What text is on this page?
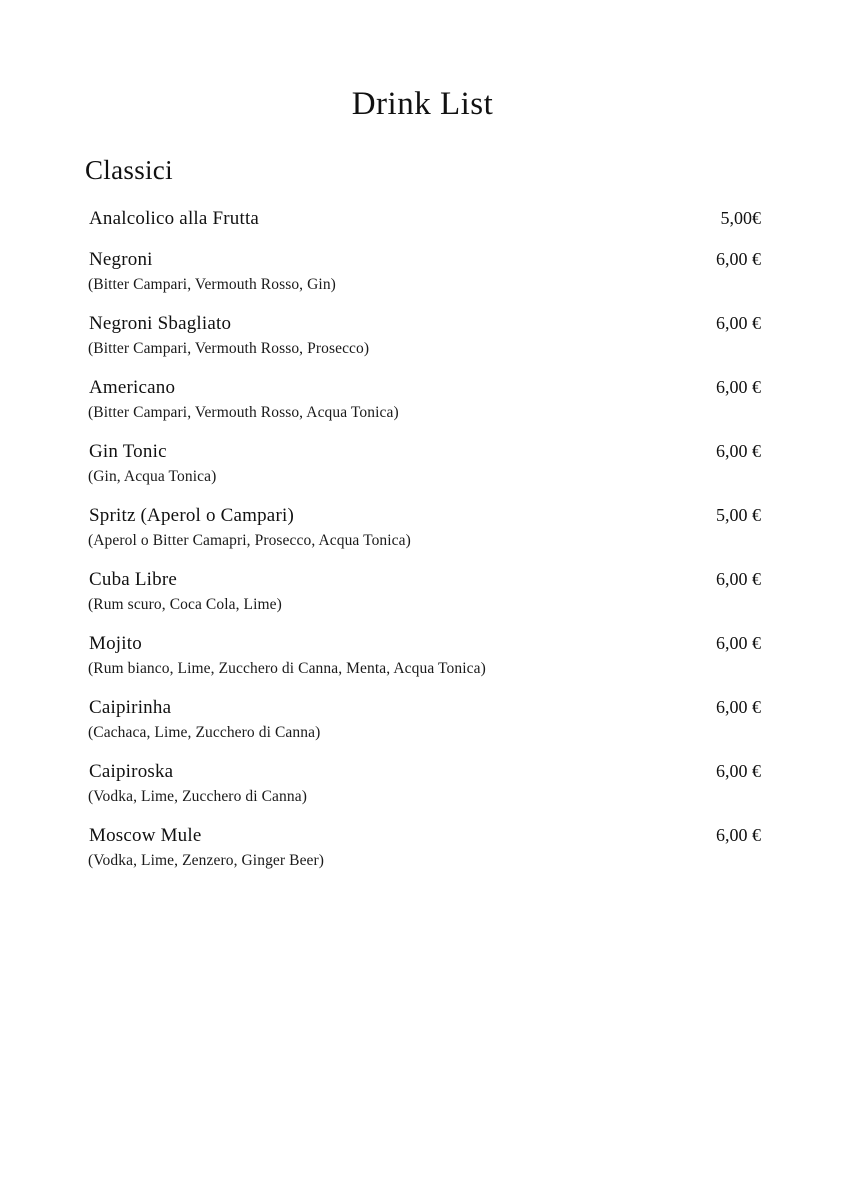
Drink List
Classici
Analcolico alla Frutta	5,00€
Negroni	6,00 €
(Bitter Campari, Vermouth Rosso, Gin)
Negroni Sbagliato	6,00 €
(Bitter Campari, Vermouth Rosso, Prosecco)
Americano	6,00 €
(Bitter Campari, Vermouth Rosso, Acqua Tonica)
Gin Tonic	6,00 €
(Gin, Acqua Tonica)
Spritz (Aperol o Campari)	5,00 €
(Aperol o Bitter Camapri, Prosecco, Acqua Tonica)
Cuba Libre	6,00 €
(Rum scuro, Coca Cola, Lime)
Mojito	6,00 €
(Rum bianco, Lime, Zucchero di Canna, Menta, Acqua Tonica)
Caipirinha	6,00 €
(Cachaca, Lime, Zucchero di Canna)
Caipiroska	6,00 €
(Vodka, Lime, Zucchero di Canna)
Moscow Mule	6,00 €
(Vodka, Lime, Zenzero, Ginger Beer)
